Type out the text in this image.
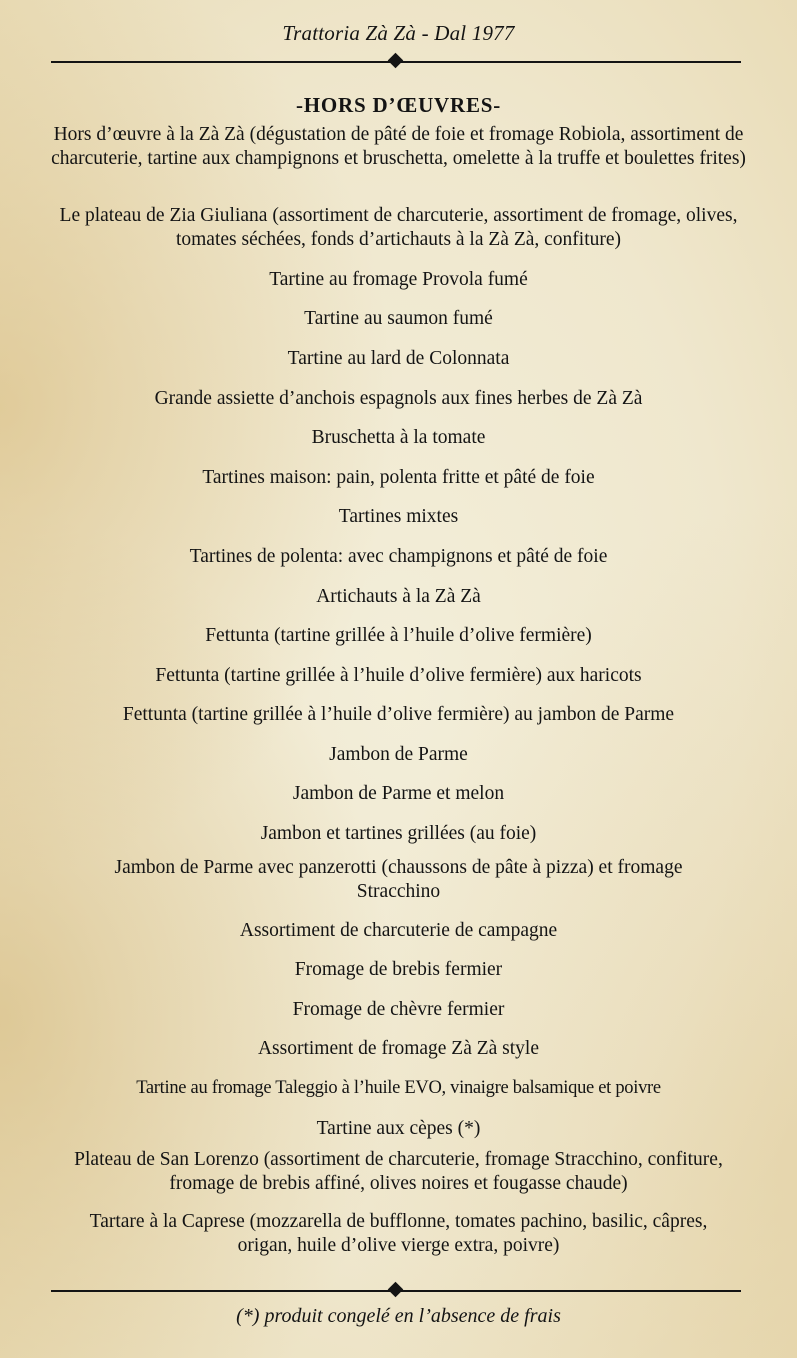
Trattoria Zà Zà - Dal 1977
-HORS D’ŒUVRES-

Hors d’œuvre à la Zà Zà (dégustation de pâté de foie et fromage Robiola, assortiment de charcuterie, tartine aux champignons et bruschetta, omelette à la truffe et boulettes frites)

Le plateau de Zia Giuliana (assortiment de charcuterie, assortiment de fromage, olives, tomates séchées, fonds d’artichauts à la Zà Zà, confiture)

Tartine au fromage Provola fumé

Tartine au saumon fumé

Tartine au lard de Colonnata

Grande assiette d’anchois espagnols aux fines herbes de Zà Zà

Bruschetta à la tomate

Tartines maison: pain, polenta fritte et pâté de foie

Tartines mixtes

Tartines de polenta: avec champignons et pâté de foie

Artichauts à la Zà Zà

Fettunta (tartine grillée à l’huile d’olive fermière)

Fettunta (tartine grillée à l’huile d’olive fermière) aux haricots

Fettunta (tartine grillée à l’huile d’olive fermière) au jambon de Parme

Jambon de Parme

Jambon de Parme et melon

Jambon et tartines grillées (au foie)

Jambon de Parme avec panzerotti (chaussons de pâte à pizza) et fromage Stracchino

Assortiment de charcuterie de campagne

Fromage de brebis fermier

Fromage de chèvre fermier

Assortiment de fromage Zà Zà style

Tartine au fromage Taleggio à l’huile EVO, vinaigre balsamique et poivre

Tartine aux cèpes (*)

Plateau de San Lorenzo (assortiment de charcuterie, fromage Stracchino, confiture, fromage de brebis affiné, olives noires et fougasse chaude)

Tartare à la Caprese (mozzarella de bufflonne, tomates pachino, basilic, câpres, origan, huile d’olive vierge extra, poivre)

(*) produit congelé en l’absence de frais
